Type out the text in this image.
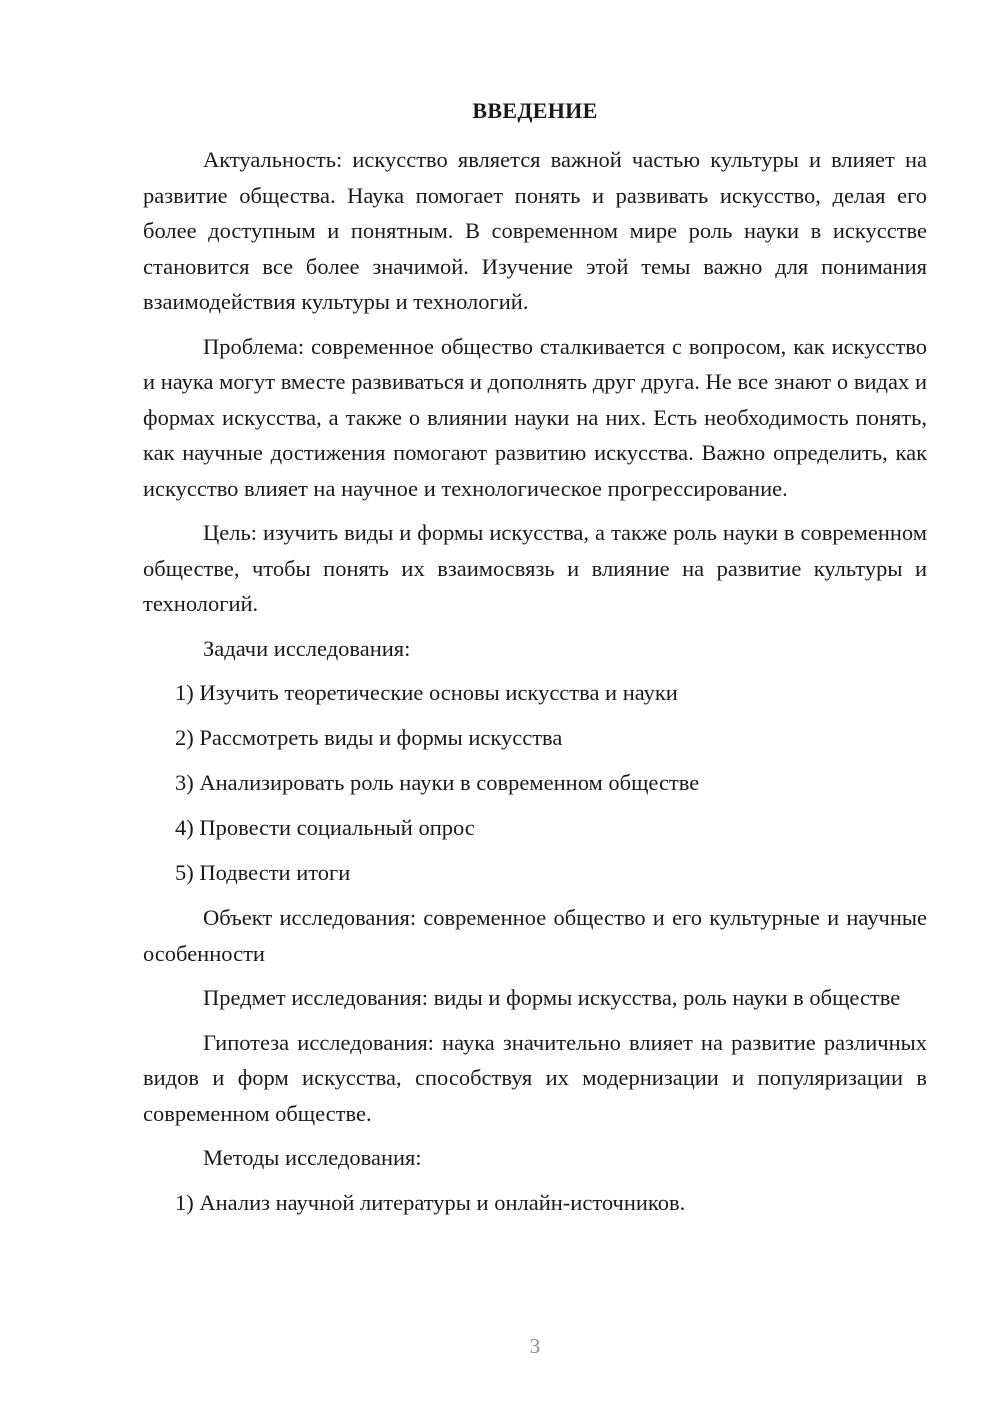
ВВЕДЕНИЕ

Актуальность: искусство является важной частью культуры и влияет на развитие общества. Наука помогает понять и развивать искусство, делая его более доступным и понятным. В современном мире роль науки в искусстве становится все более значимой. Изучение этой темы важно для понимания взаимодействия культуры и технологий.

Проблема: современное общество сталкивается с вопросом, как искусство и наука могут вместе развиваться и дополнять друг друга. Не все знают о видах и формах искусства, а также о влиянии науки на них. Есть необходимость понять, как научные достижения помогают развитию искусства. Важно определить, как искусство влияет на научное и технологическое прогрессирование.

Цель: изучить виды и формы искусства, а также роль науки в современном обществе, чтобы понять их взаимосвязь и влияние на развитие культуры и технологий.

Задачи исследования:

1) Изучить теоретические основы искусства и науки
2) Рассмотреть виды и формы искусства
3) Анализировать роль науки в современном обществе
4) Провести социальный опрос
5) Подвести итоги

Объект исследования: современное общество и его культурные и научные особенности

Предмет исследования: виды и формы искусства, роль науки в обществе

Гипотеза исследования: наука значительно влияет на развитие различных видов и форм искусства, способствуя их модернизации и популяризации в современном обществе.

Методы исследования:

1) Анализ научной литературы и онлайн-источников.
3
